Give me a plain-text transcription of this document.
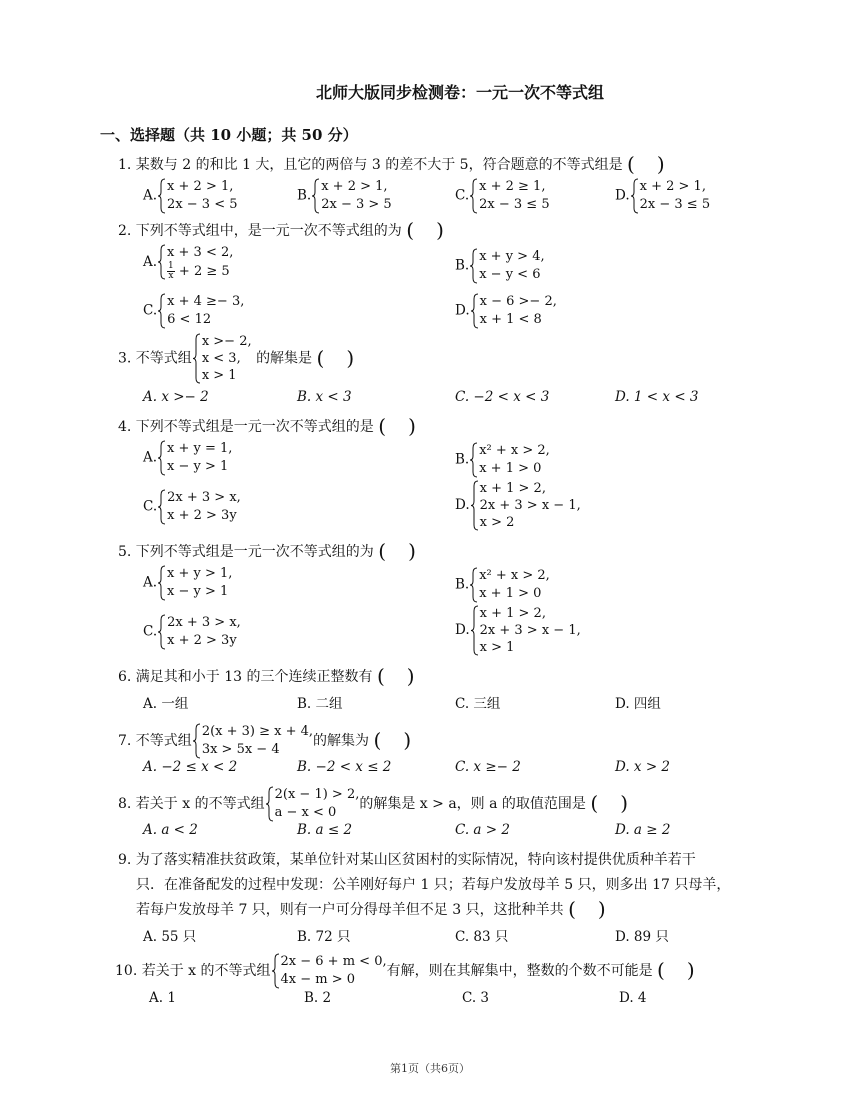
北师大版同步检测卷：一元一次不等式组
一、选择题（共 10 小题；共 50 分）
1. 某数与 2 的和比 1 大，且它的两倍与 3 的差不大于 5，符合题意的不等式组是 ( )
A.
x + 2 > 1,
2x − 3 < 5
B.
x + 2 > 1,
2x − 3 > 5
C.
x + 2 ≥ 1,
2x − 3 ≤ 5
D.
x + 2 > 1,
2x − 3 ≤ 5
2. 下列不等式组中，是一元一次不等式组的为 ( )
A.
x + 3 < 2,
$\frac{1}{x} + 2 \ge 5$	B.
x + y > 4,
x − y < 6
C.
x + 4 ≥− 3,
6 < 12
D.
x − 6 >− 2,
x + 1 < 8
3. 不等式组
x >− 2,
x < 3,
x > 1
的解集是 ( )
A. x >− 2	B. x < 3	C. −2 < x < 3	D. 1 < x < 3
4. 下列不等式组是一元一次不等式组的是 ( )
A.
x + y = 1,
x − y > 1	B.
x² + x > 2,
x + 1 > 0
C.
2x + 3 > x,
x + 2 > 3y
D.
x + 1 > 2,
2x + 3 > x − 1,
x > 2
5. 下列不等式组是一元一次不等式组的为 ( )
A.
x + y > 1,
x − y > 1	B.
x² + x > 2,
x + 1 > 0
C.
2x + 3 > x,
x + 2 > 3y
D.
x + 1 > 2,
2x + 3 > x − 1,
x > 1
6. 满足其和小于 13 的三个连续正整数有 ( )
A. 一组	B. 二组	C. 三组	D. 四组
7. 不等式组
2(x + 3) ≥ x + 4,
3x > 5x − 4
的解集为 ( )
A. −2 ≤ x < 2	B. −2 < x ≤ 2	C. x ≥− 2	D. x > 2
8. 若关于 x 的不等式组
2(x − 1) > 2,
a − x < 0
的解集是 x > a，则 a 的取值范围是 ( )
A. a < 2	B. a ≤ 2	C. a > 2	D. a ≥ 2
9. 为了落实精准扶贫政策，某单位针对某山区贫困村的实际情况，特向该村提供优质种羊若干
只．在准备配发的过程中发现：公羊刚好每户 1 只；若每户发放母羊 5 只，则多出 17 只母羊，
若每户发放母羊 7 只，则有一户可分得母羊但不足 3 只，这批种羊共 ( )
A. 55 只	B. 72 只	C. 83 只	D. 89 只
10. 若关于 x 的不等式组
2x − 6 + m < 0,
4x − m > 0
有解，则在其解集中，整数的个数不可能是 ( )
A. 1	B. 2	C. 3	D. 4
第1页（共6页）
